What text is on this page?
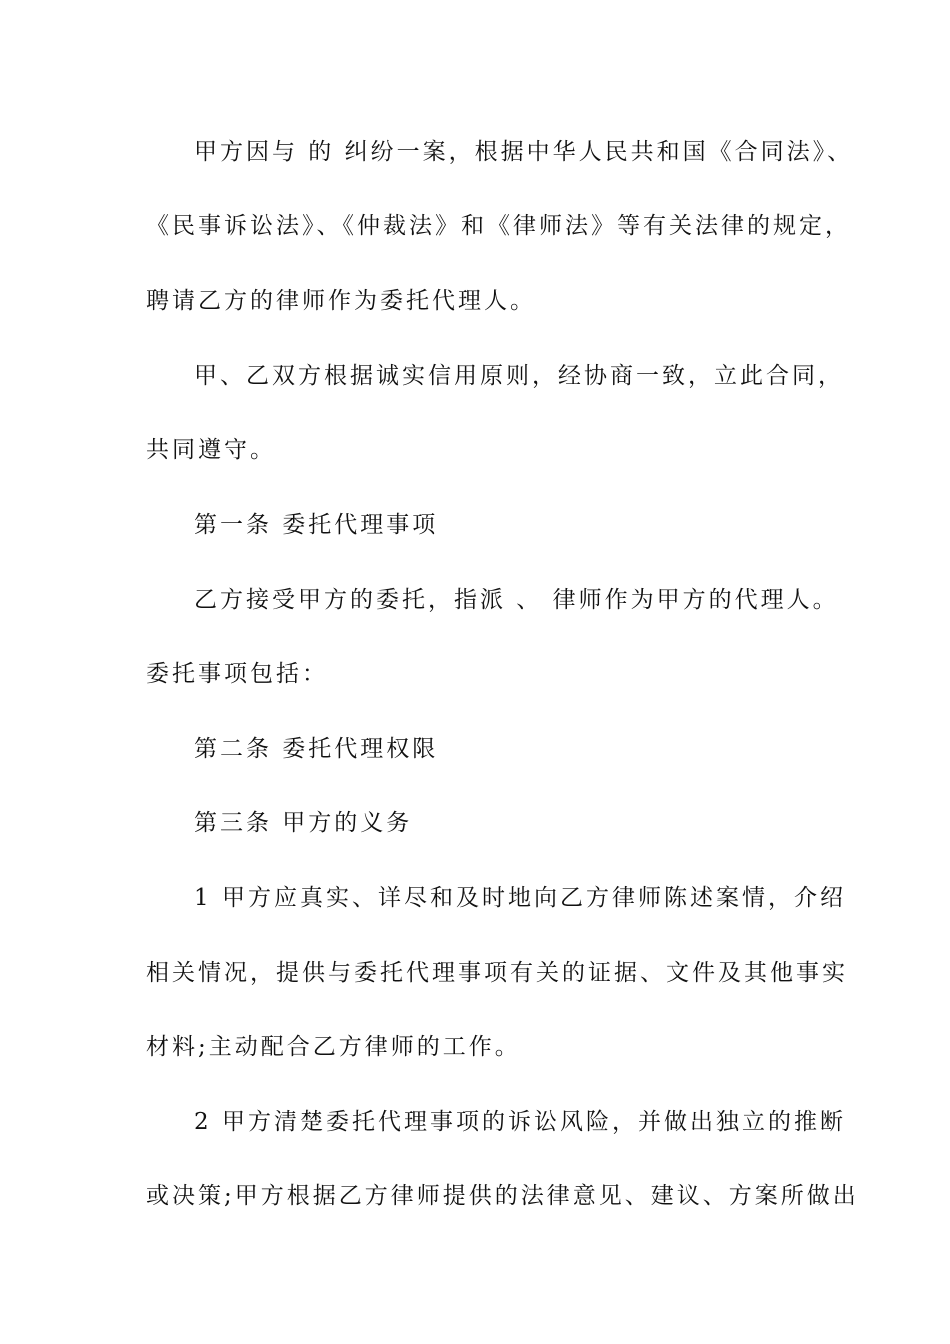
甲方因与 的 纠纷一案，根据中华人民共和国《合同法》、
《民事诉讼法》、《仲裁法》和《律师法》等有关法律的规定，
聘请乙方的律师作为委托代理人。
甲、乙双方根据诚实信用原则，经协商一致，立此合同，
共同遵守。
第一条 委托代理事项
乙方接受甲方的委托，指派 、 律师作为甲方的代理人。
委托事项包括：
第二条 委托代理权限
第三条 甲方的义务
1 甲方应真实、详尽和及时地向乙方律师陈述案情，介绍
相关情况，提供与委托代理事项有关的证据、文件及其他事实
材料;主动配合乙方律师的工作。
2 甲方清楚委托代理事项的诉讼风险，并做出独立的推断
或决策;甲方根据乙方律师提供的法律意见、建议、方案所做出
